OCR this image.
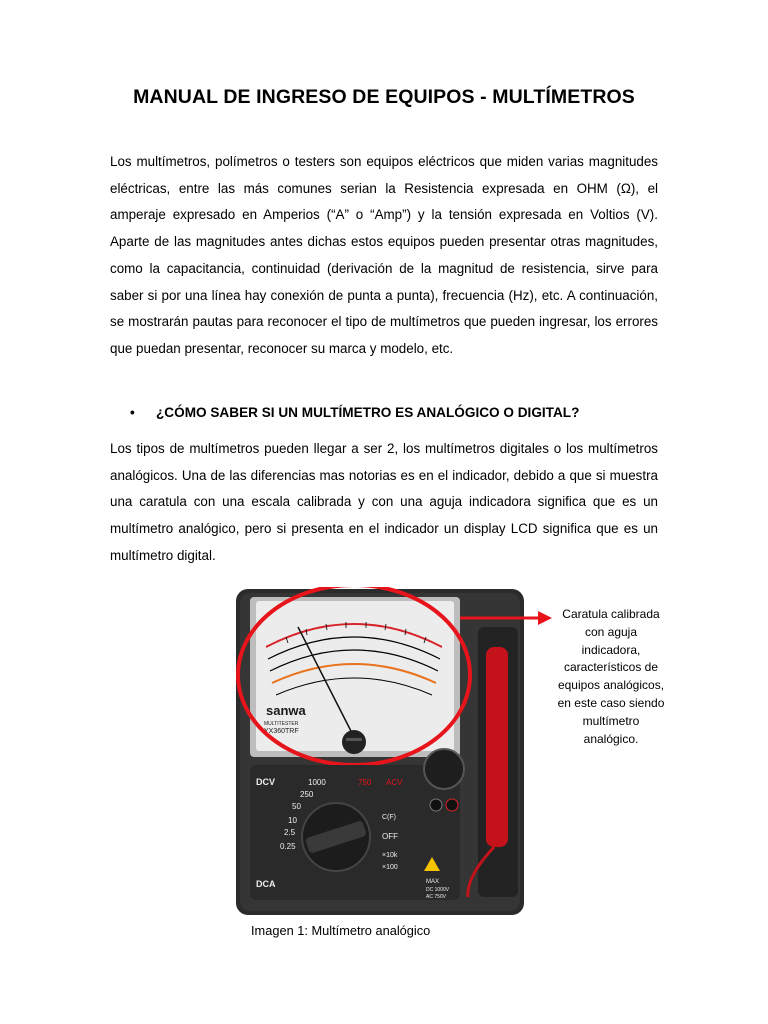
MANUAL DE INGRESO DE EQUIPOS - MULTÍMETROS

Los multímetros, polímetros o testers son equipos eléctricos que miden varias magnitudes eléctricas, entre las más comunes serian la Resistencia expresada en OHM (Ω), el amperaje expresado en Amperios (“A” o “Amp”) y la tensión expresada en Voltios (V). Aparte de las magnitudes antes dichas estos equipos pueden presentar otras magnitudes, como la capacitancia, continuidad (derivación de la magnitud de resistencia, sirve para saber si por una línea hay conexión de punta a punta), frecuencia (Hz), etc. A continuación, se mostrarán pautas para reconocer el tipo de multímetros que pueden ingresar, los errores que puedan presentar, reconocer su marca y modelo, etc.

• ¿CÓMO SABER SI UN MULTÍMETRO ES ANALÓGICO O DIGITAL?

Los tipos de multímetros pueden llegar a ser 2, los multímetros digitales o los multímetros analógicos. Una de las diferencias mas notorias es en el indicador, debido a que si muestra una caratula con una escala calibrada y con una aguja indicadora significa que es un multímetro analógico, pero si presenta en el indicador un display LCD significa que es un multímetro digital.

sanwa
MULTITESTER
YX360TRF
DCV	1000
250
50
10
2.5
0.25
DCA
ACV
750
C(F)
OFF
×10k
×100
MAX
DC 1000V
AC 750V
Caratula calibrada con aguja indicadora, característicos de equipos analógicos, en este caso siendo multímetro analógico.
Imagen 1: Multímetro analógico
